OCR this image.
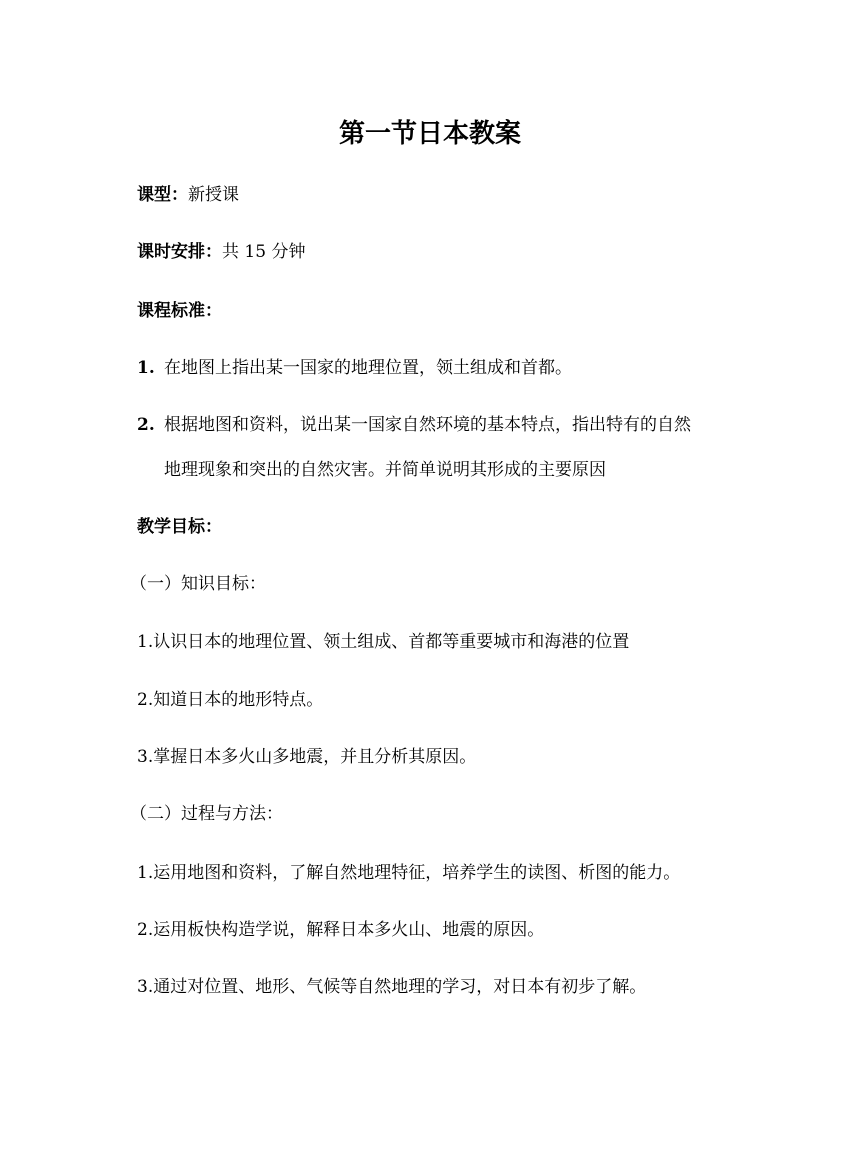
第一节日本教案
课型：新授课
课时安排：共 15 分钟
课程标准：
1. 在地图上指出某一国家的地理位置，领土组成和首都。
2. 根据地图和资料，说出某一国家自然环境的基本特点，指出特有的自然
地理现象和突出的自然灾害。并简单说明其形成的主要原因
教学目标：
（一）知识目标：
1.认识日本的地理位置、领土组成、首都等重要城市和海港的位置
2.知道日本的地形特点。
3.掌握日本多火山多地震，并且分析其原因。
（二）过程与方法：
1.运用地图和资料，了解自然地理特征，培养学生的读图、析图的能力。
2.运用板快构造学说，解释日本多火山、地震的原因。
3.通过对位置、地形、气候等自然地理的学习，对日本有初步了解。
